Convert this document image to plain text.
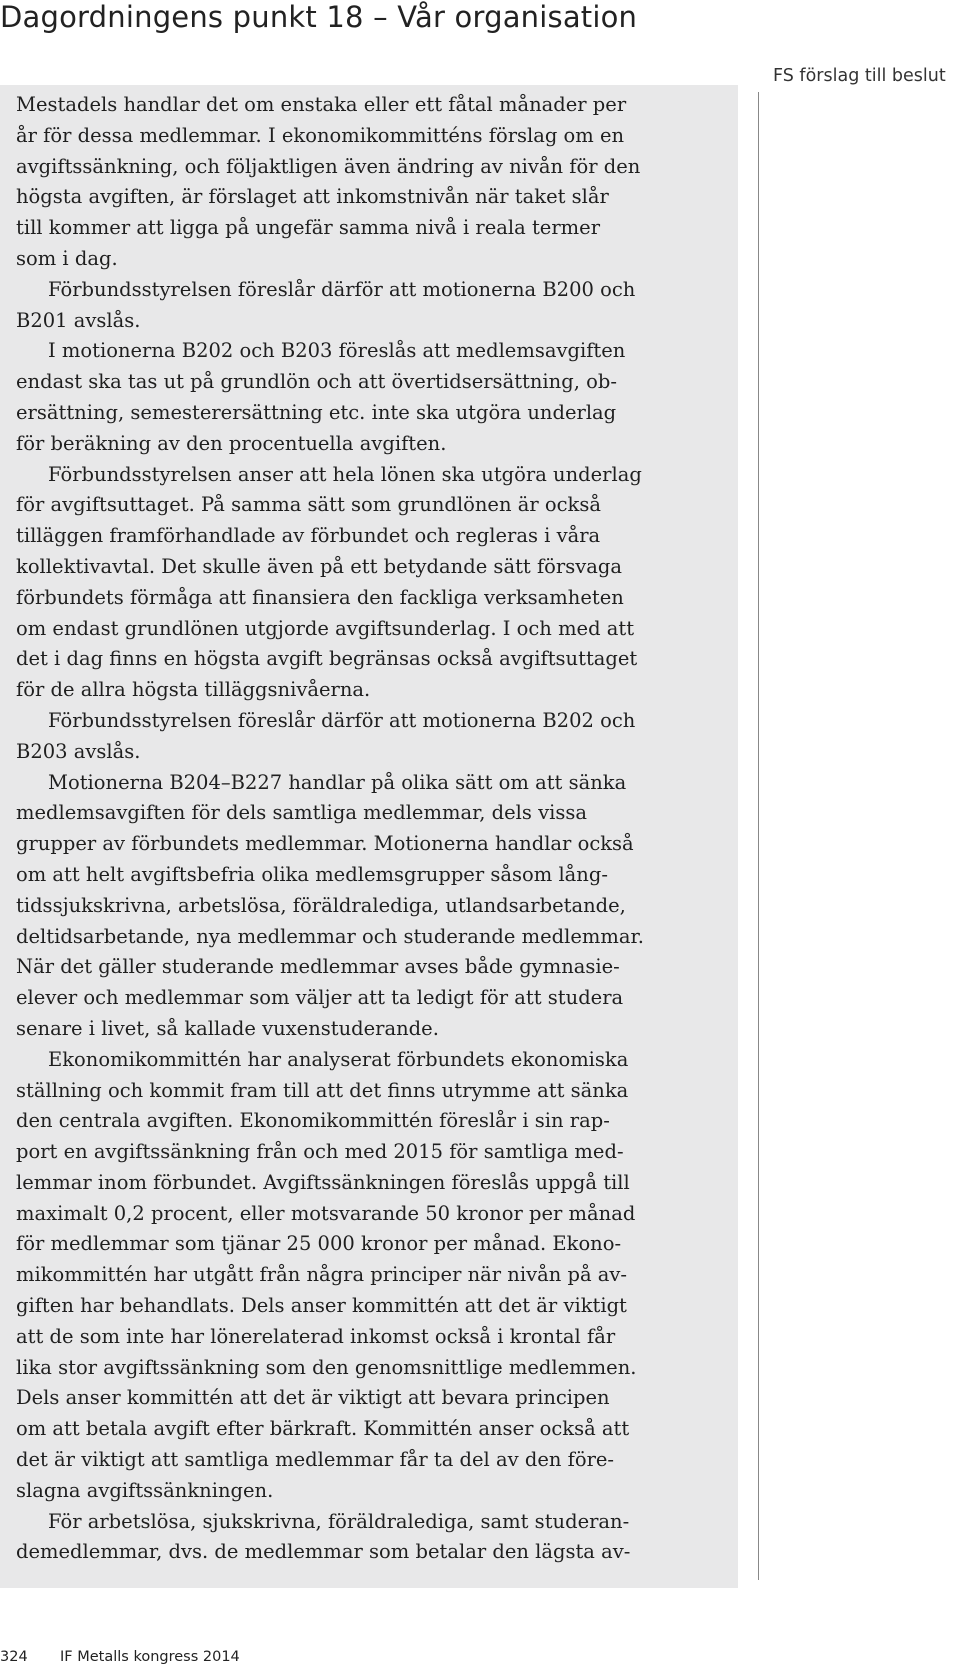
Dagordningens punkt 18 – Vår organisation
Mestadels handlar det om enstaka eller ett fåtal månader per
år för dessa medlemmar. I ekonomikommitténs förslag om en
avgiftssänkning, och följaktligen även ändring av nivån för den
högsta avgiften, är förslaget att inkomstnivån när taket slår
till kommer att ligga på ungefär samma nivå i reala termer
som i dag.
Förbundsstyrelsen föreslår därför att motionerna B200 och
B201 avslås.
I motionerna B202 och B203 föreslås att medlemsavgiften
endast ska tas ut på grundlön och att övertidsersättning, ob-
ersättning, semesterersättning etc. inte ska utgöra underlag
för beräkning av den procentuella avgiften.
Förbundsstyrelsen anser att hela lönen ska utgöra underlag
för avgiftsuttaget. På samma sätt som grundlönen är också
tilläggen framförhandlade av förbundet och regleras i våra
kollektivavtal. Det skulle även på ett betydande sätt försvaga
förbundets förmåga att finansiera den fackliga verksamheten
om endast grundlönen utgjorde avgiftsunderlag. I och med att
det i dag finns en högsta avgift begränsas också avgiftsuttaget
för de allra högsta tilläggsnivåerna.
Förbundsstyrelsen föreslår därför att motionerna B202 och
B203 avslås.
Motionerna B204–B227 handlar på olika sätt om att sänka
medlemsavgiften för dels samtliga medlemmar, dels vissa
grupper av förbundets medlemmar. Motionerna handlar också
om att helt avgiftsbefria olika medlemsgrupper såsom lång-
tidssjukskrivna, arbetslösa, föräldralediga, utlandsarbetande,
deltidsarbetande, nya medlemmar och studerande medlemmar.
När det gäller studerande medlemmar avses både gymnasie-
elever och medlemmar som väljer att ta ledigt för att studera
senare i livet, så kallade vuxenstuderande.
Ekonomikommittén har analyserat förbundets ekonomiska
ställning och kommit fram till att det finns utrymme att sänka
den centrala avgiften. Ekonomikommittén föreslår i sin rap-
port en avgiftssänkning från och med 2015 för samtliga med-
lemmar inom förbundet. Avgiftssänkningen föreslås uppgå till
maximalt 0,2 procent, eller motsvarande 50 kronor per månad
för medlemmar som tjänar 25 000 kronor per månad. Ekono-
mikommittén har utgått från några principer när nivån på av-
giften har behandlats. Dels anser kommittén att det är viktigt
att de som inte har lönerelaterad inkomst också i krontal får
lika stor avgiftssänkning som den genomsnittlige medlemmen.
Dels anser kommittén att det är viktigt att bevara principen
om att betala avgift efter bärkraft. Kommittén anser också att
det är viktigt att samtliga medlemmar får ta del av den före-
slagna avgiftssänkningen.
För arbetslösa, sjukskrivna, föräldralediga, samt studeran-
demedlemmar, dvs. de medlemmar som betalar den lägsta av-
FS förslag till beslut
324 IF Metalls kongress 2014
